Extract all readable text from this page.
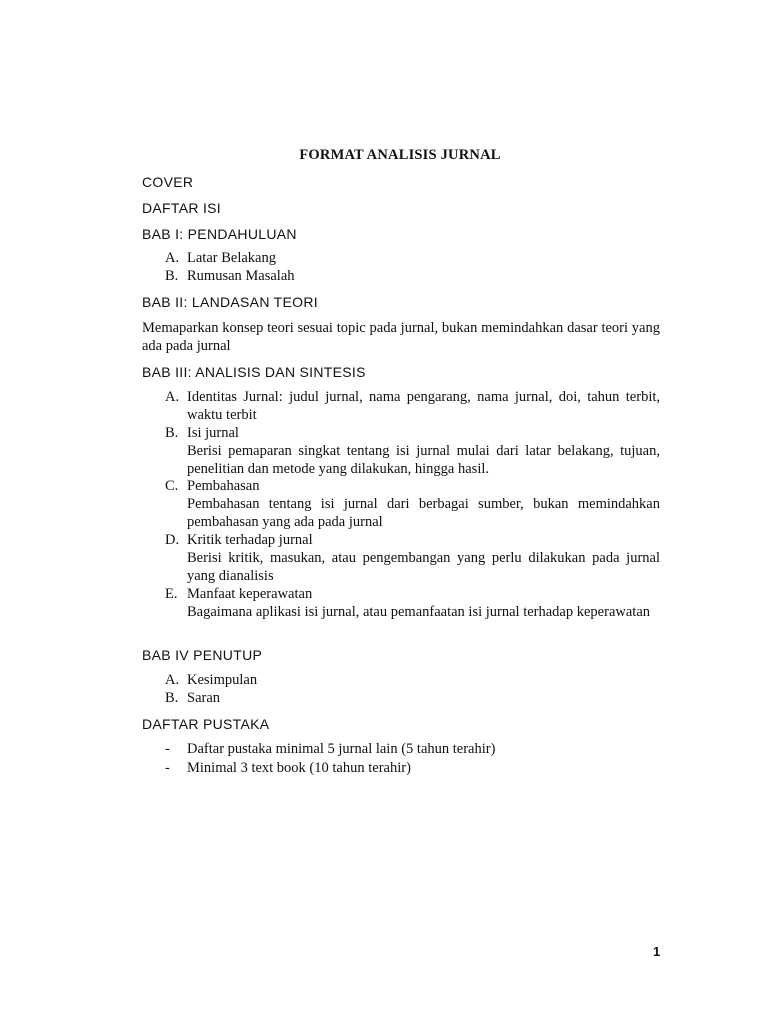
FORMAT ANALISIS JURNAL
COVER
DAFTAR ISI
BAB I: PENDAHULUAN
A. Latar Belakang
B. Rumusan Masalah
BAB II: LANDASAN TEORI
Memaparkan konsep teori sesuai topic pada jurnal, bukan memindahkan dasar teori yang ada pada jurnal
BAB III: ANALISIS DAN SINTESIS
A. Identitas Jurnal: judul jurnal, nama pengarang, nama jurnal, doi, tahun terbit, waktu terbit
B. Isi jurnal
Berisi pemaparan singkat tentang isi jurnal mulai dari latar belakang, tujuan, penelitian dan metode yang dilakukan, hingga hasil.
C. Pembahasan
Pembahasan tentang isi jurnal dari berbagai sumber, bukan memindahkan pembahasan yang ada pada jurnal
D. Kritik terhadap jurnal
Berisi kritik, masukan, atau pengembangan yang perlu dilakukan pada jurnal yang dianalisis
E. Manfaat keperawatan
Bagaimana aplikasi isi jurnal, atau pemanfaatan isi jurnal terhadap keperawatan
BAB IV PENUTUP
A. Kesimpulan
B. Saran
DAFTAR PUSTAKA
-	Daftar pustaka minimal 5 jurnal lain (5 tahun terahir)
-	Minimal 3 text book (10 tahun terahir)
1
